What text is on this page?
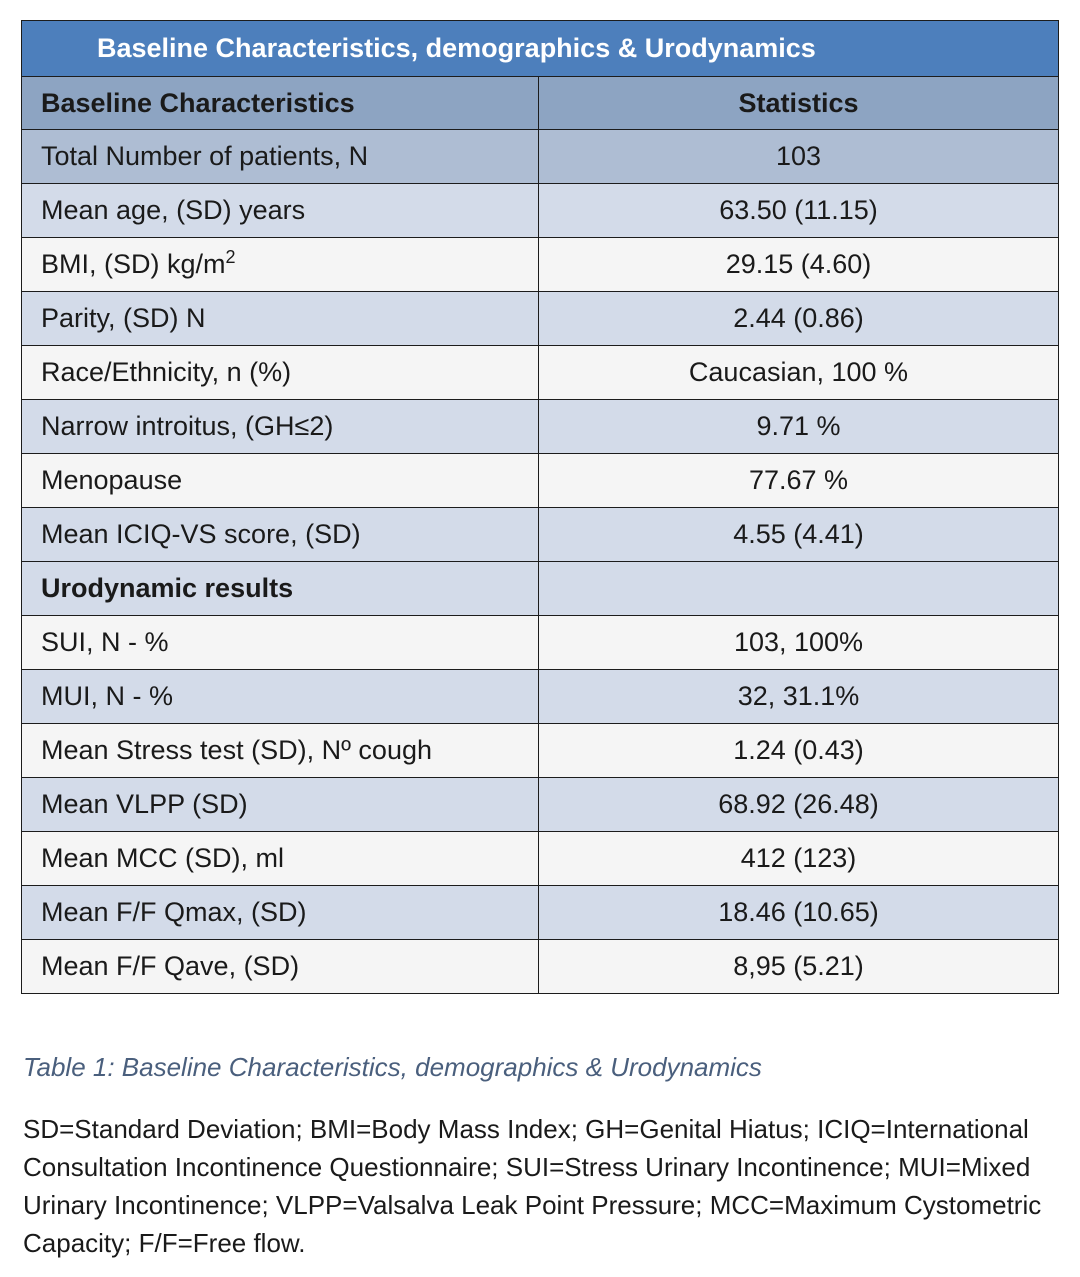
Baseline Characteristics, demographics & Urodynamics	
Baseline Characteristics	Statistics
Total Number of patients, N	103
Mean age, (SD) years	63.50 (11.15)
BMI, (SD) $kg/m^2$	29.15 (4.60)
Parity, (SD) N	2.44 (0.86)
Race/Ethnicity, n (%)	Caucasian, 100 %
Narrow introitus, (GH≤2)	9.71 %
Menopause	77.67 %
Mean ICIQ-VS score, (SD)	4.55 (4.41)
Urodynamic results	
SUI, N - %	103, 100%
MUI, N - %	32, 31.1%
Mean Stress test (SD), Nº cough	1.24 (0.43)
Mean VLPP (SD)	68.92 (26.48)
Mean MCC (SD), ml	412 (123)
Mean F/F Qmax, (SD)	18.46 (10.65)
Mean F/F Qave, (SD)	8,95 (5.21)
Table 1: Baseline Characteristics, demographics & Urodynamics
SD=Standard Deviation; BMI=Body Mass Index; GH=Genital Hiatus; ICIQ=International Consultation Incontinence Questionnaire; SUI=Stress Urinary Incontinence; MUI=Mixed Urinary Incontinence; VLPP=Valsalva Leak Point Pressure; MCC=Maximum Cystometric Capacity; F/F=Free flow.
